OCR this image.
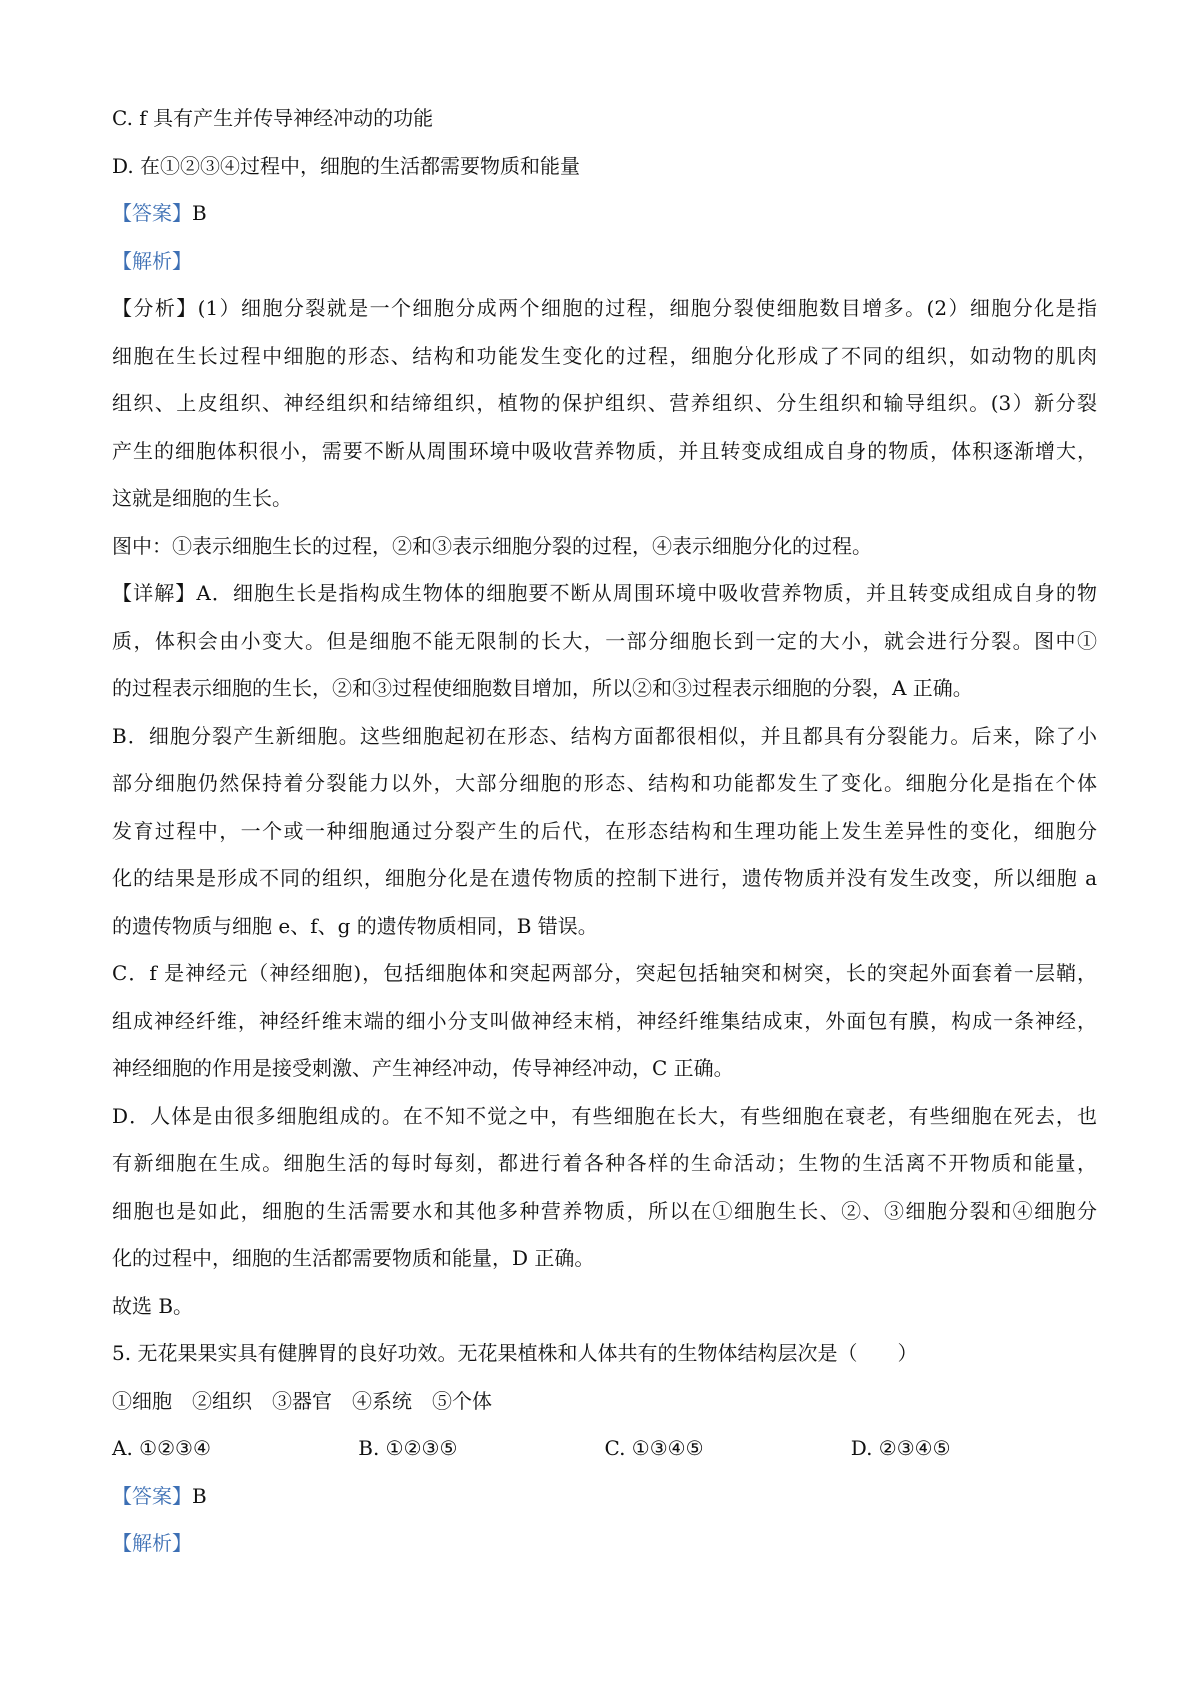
C. f 具有产生并传导神经冲动的功能
D. 在①②③④过程中，细胞的生活都需要物质和能量
【答案】B
【解析】
【分析】(1）细胞分裂就是一个细胞分成两个细胞的过程，细胞分裂使细胞数目增多。(2）细胞分化是指
细胞在生长过程中细胞的形态、结构和功能发生变化的过程，细胞分化形成了不同的组织，如动物的肌肉
组织、上皮组织、神经组织和结缔组织，植物的保护组织、营养组织、分生组织和输导组织。(3）新分裂
产生的细胞体积很小，需要不断从周围环境中吸收营养物质，并且转变成组成自身的物质，体积逐渐增大，
这就是细胞的生长。
图中：①表示细胞生长的过程，②和③表示细胞分裂的过程，④表示细胞分化的过程。
【详解】A．细胞生长是指构成生物体的细胞要不断从周围环境中吸收营养物质，并且转变成组成自身的物
质，体积会由小变大。但是细胞不能无限制的长大，一部分细胞长到一定的大小，就会进行分裂。图中①
的过程表示细胞的生长，②和③过程使细胞数目增加，所以②和③过程表示细胞的分裂，A 正确。
B．细胞分裂产生新细胞。这些细胞起初在形态、结构方面都很相似，并且都具有分裂能力。后来，除了小
部分细胞仍然保持着分裂能力以外，大部分细胞的形态、结构和功能都发生了变化。细胞分化是指在个体
发育过程中，一个或一种细胞通过分裂产生的后代，在形态结构和生理功能上发生差异性的变化，细胞分
化的结果是形成不同的组织，细胞分化是在遗传物质的控制下进行，遗传物质并没有发生改变，所以细胞 a
的遗传物质与细胞 e、f、g 的遗传物质相同，B 错误。
C．f 是神经元（神经细胞)，包括细胞体和突起两部分，突起包括轴突和树突，长的突起外面套着一层鞘，
组成神经纤维，神经纤维末端的细小分支叫做神经末梢，神经纤维集结成束，外面包有膜，构成一条神经，
神经细胞的作用是接受刺激、产生神经冲动，传导神经冲动，C 正确。
D．人体是由很多细胞组成的。在不知不觉之中，有些细胞在长大，有些细胞在衰老，有些细胞在死去，也
有新细胞在生成。细胞生活的每时每刻，都进行着各种各样的生命活动；生物的生活离不开物质和能量，
细胞也是如此，细胞的生活需要水和其他多种营养物质，所以在①细胞生长、②、③细胞分裂和④细胞分
化的过程中，细胞的生活都需要物质和能量，D 正确。
故选 B。
5. 无花果果实具有健脾胃的良好功效。无花果植株和人体共有的生物体结构层次是（　　）
①细胞　②组织　③器官　④系统　⑤个体
A. ①②③④	B. ①②③⑤	C. ①③④⑤	D. ②③④⑤
【答案】B
【解析】
